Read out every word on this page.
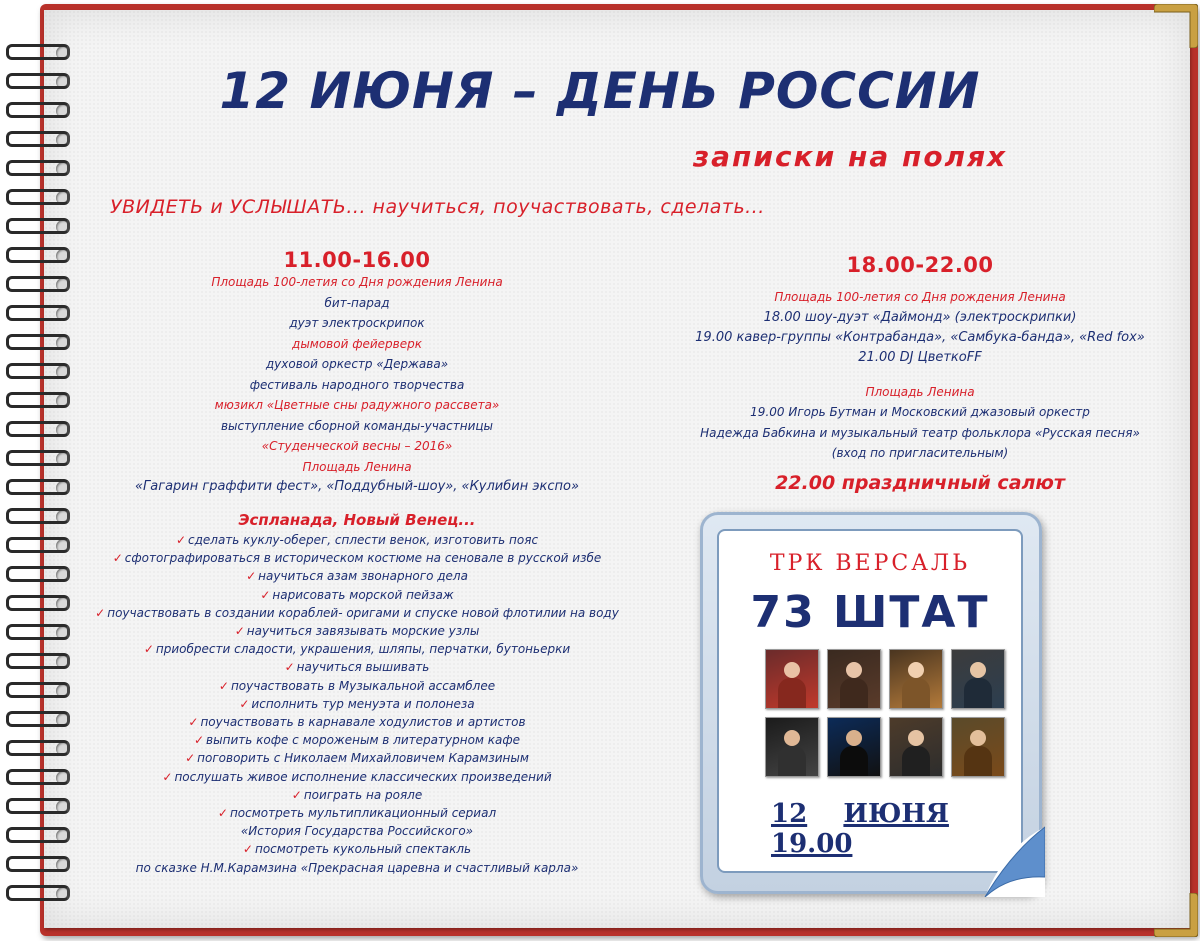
12 ИЮНЯ – ДЕНЬ РОССИИ
записки на полях
УВИДЕТЬ и УСЛЫШАТЬ... научиться, поучаствовать, сделать...
11.00-16.00
Площадь 100-летия со Дня рождения Ленина
бит-парад
дуэт электроскрипок
дымовой фейерверк
духовой оркестр «Держава»
фестиваль народного творчества
мюзикл «Цветные сны радужного рассвета»
выступление сборной команды-участницы
«Студенческой весны – 2016»
Площадь Ленина
«Гагарин граффити фест», «Поддубный-шоу», «Кулибин экспо»
Эспланада, Новый Венец...
✓ сделать куклу-оберег, сплести венок, изготовить пояс
✓ сфотографироваться в историческом костюме на сеновале в русской избе
✓ научиться азам звонарного дела
✓ нарисовать морской пейзаж
✓ поучаствовать в создании кораблей- оригами и спуске новой флотилии на воду
✓ научиться завязывать морские узлы
✓ приобрести сладости, украшения, шляпы, перчатки, бутоньерки
✓ научиться вышивать
✓ поучаствовать в Музыкальной ассамблее
✓ исполнить тур менуэта и полонеза
✓ поучаствовать в карнавале ходулистов и артистов
✓ выпить кофе с мороженым в литературном кафе
✓ поговорить с Николаем Михайловичем Карамзиным
✓ послушать живое исполнение классических произведений
✓ поиграть на рояле
✓ посмотреть мультипликационный сериал
«История Государства Российского»
✓ посмотреть кукольный спектакль
по сказке Н.М.Карамзина «Прекрасная царевна и счастливый карла»
18.00-22.00
Площадь 100-летия со Дня рождения Ленина
18.00 шоу-дуэт «Даймонд» (электроскрипки)
19.00 кавер-группы «Контрабанда», «Самбука-банда», «Red fox»
21.00 DJ ЦветкоFF
Площадь Ленина
19.00 Игорь Бутман и Московский джазовый оркестр
Надежда Бабкина и музыкальный театр фольклора «Русская песня»
(вход по пригласительным)
22.00 праздничный салют
ТРК ВЕРСАЛЬ
73 ШТАТ
12 ИЮНЯ    19.00
